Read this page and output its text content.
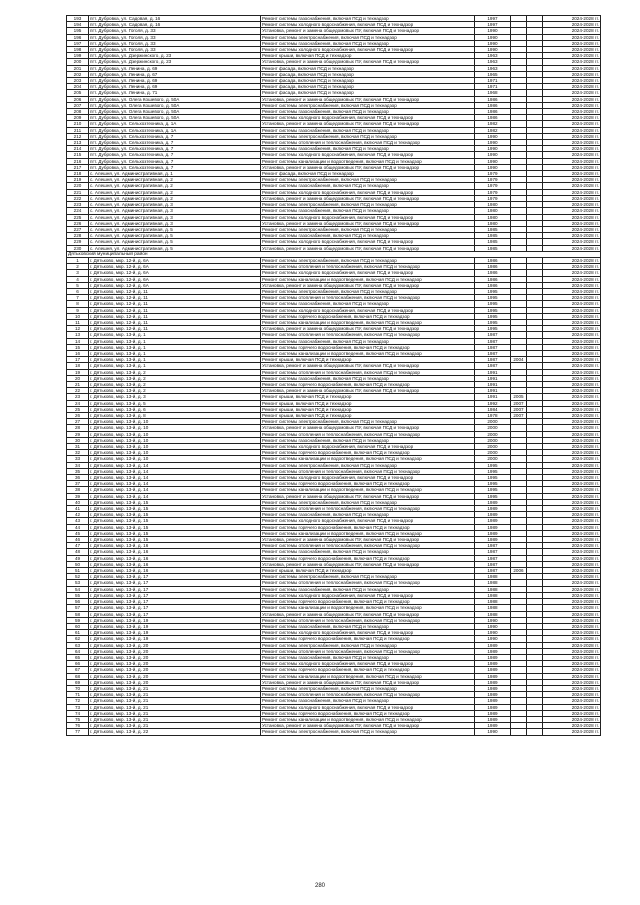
193	пгт. Дубровка, ул. Садовая, д. 16	Ремонт системы газоснабжения, включая ПСД и технадзор	1997			2024-2028 гг.
194	пгт. Дубровка, ул. Садовая, д. 16	Ремонт системы холодного водоснабжения, включая ПСД и технадзор	1997			2024-2028 гг.
195	пгт. Дубровка, ул. Гоголя, д. 33	Установка, ремонт и замена общедомовых ПУ, включая ПСД и технадзор	1990			2024-2028 гг.
196	пгт. Дубровка, ул. Гоголя, д. 33	Ремонт системы электроснабжения, включая ПСД и технадзор	1990			2024-2028 гг.
197	пгт. Дубровка, ул. Гоголя, д. 33	Ремонт системы газоснабжения, включая ПСД и технадзор	1990			2024-2028 гг.
198	пгт. Дубровка, ул. Гоголя, д. 33	Ремонт системы холодного водоснабжения, включая ПСД и технадзор	1990			2024-2028 гг.
199	пгт. Дубровка, ул. Дзержинского, д. 23	Ремонт крыши, включая ПСД и технадзор	1963			2024-2028 гг.
200	пгт. Дубровка, ул. Дзержинского, д. 23	Установка, ремонт и замена общедомовых ПУ, включая ПСД и технадзор	1963			2024-2028 гг.
201	пгт. Дубровка, ул. Ленина, д. 69	Ремонт фасада, включая ПСД и технадзор	1963			2024-2028 гг.
202	пгт. Дубровка, ул. Ленина, д. 67	Ремонт фасада, включая ПСД и технадзор	1965			2024-2028 гг.
203	пгт. Дубровка, ул. Ленина, д. 69	Ремонт фасада, включая ПСД и технадзор	1971			2024-2028 гг.
204	пгт. Дубровка, ул. Ленина, д. 69	Ремонт фасада, включая ПСД и технадзор	1971			2024-2028 гг.
205	пгт. Дубровка, ул. Ленина, д. 71	Ремонт фасада, включая ПСД и технадзор	1968			2024-2028 гг.
206	пгт. Дубровка, ул. Олега Кошевого, д. 50А	Установка, ремонт и замена общедомовых ПУ, включая ПСД и технадзор	1986			2024-2028 гг.
207	пгт. Дубровка, ул. Олега Кошевого, д. 50А	Ремонт системы электроснабжения, включая ПСД и технадзор	1986			2024-2028 гг.
208	пгт. Дубровка, ул. Олега Кошевого, д. 50А	Ремонт системы газоснабжения, включая ПСД и технадзор	1986			2024-2028 гг.
209	пгт. Дубровка, ул. Олега Кошевого, д. 50А	Ремонт системы холодного водоснабжения, включая ПСД и технадзор	1986			2024-2028 гг.
210	пгт. Дубровка, ул. Сельхозтехника, д. 1А	Установка, ремонт и замена общедомовых ПУ, включая ПСД и технадзор	1982			2024-2028 гг.
211	пгт. Дубровка, ул. Сельхозтехника, д. 1А	Ремонт системы газоснабжения, включая ПСД и технадзор	1982			2024-2028 гг.
212	пгт. Дубровка, ул. Сельхозтехника, д. 7	Ремонт системы электроснабжения, включая ПСД и технадзор	1990			2024-2028 гг.
213	пгт. Дубровка, ул. Сельхозтехника, д. 7	Ремонт системы отопления и теплоснабжения, включая ПСД и технадзор	1990			2024-2028 гг.
214	пгт. Дубровка, ул. Сельхозтехника, д. 7	Ремонт системы газоснабжения, включая ПСД и технадзор	1990			2024-2028 гг.
215	пгт. Дубровка, ул. Сельхозтехника, д. 7	Ремонт системы холодного водоснабжения, включая ПСД и технадзор	1990			2024-2028 гг.
216	пгт. Дубровка, ул. Сельхозтехника, д. 7	Ремонт системы канализации и водоотведения, включая ПСД и технадзор	1990			2024-2028 гг.
217	пгт. Дубровка, ул. Сельхозтехника, д. 7	Установка, ремонт и замена общедомовых ПУ, включая ПСД и технадзор	1990			2024-2028 гг.
218	с. Алешня, ул. Административная, д. 1	Ремонт фасада, включая ПСД и технадзор	1979			2024-2028 гг.
219	с. Алешня, ул. Административная, д. 2	Ремонт системы электроснабжения, включая ПСД и технадзор	1979			2024-2028 гг.
220	с. Алешня, ул. Административная, д. 2	Ремонт системы газоснабжения, включая ПСД и технадзор	1979			2024-2028 гг.
221	с. Алешня, ул. Административная, д. 2	Ремонт системы холодного водоснабжения, включая ПСД и технадзор	1979			2024-2028 гг.
222	с. Алешня, ул. Административная, д. 2	Установка, ремонт и замена общедомовых ПУ, включая ПСД и технадзор	1979			2024-2028 гг.
223	с. Алешня, ул. Административная, д. 3	Ремонт системы электроснабжения, включая ПСД и технадзор	1980			2024-2028 гг.
224	с. Алешня, ул. Административная, д. 3	Ремонт системы газоснабжения, включая ПСД и технадзор	1980			2024-2028 гг.
225	с. Алешня, ул. Административная, д. 3	Ремонт системы холодного водоснабжения, включая ПСД и технадзор	1980			2024-2028 гг.
226	с. Алешня, ул. Административная, д. 3	Установка, ремонт и замена общедомовых ПУ, включая ПСД и технадзор	1980			2024-2028 гг.
227	с. Алешня, ул. Административная, д. 5	Ремонт системы электроснабжения, включая ПСД и технадзор	1985			2024-2028 гг.
228	с. Алешня, ул. Административная, д. 5	Ремонт системы газоснабжения, включая ПСД и технадзор	1985			2024-2028 гг.
229	с. Алешня, ул. Административная, д. 5	Ремонт системы холодного водоснабжения, включая ПСД и технадзор	1985			2024-2028 гг.
230	с. Алешня, ул. Административная, д. 5	Установка, ремонт и замена общедомовых ПУ, включая ПСД и технадзор	1985			2024-2028 гг.
Дятьковский муниципальный район						
1	г. Дятьково, мкр. 12-й, д. 6А	Ремонт системы электроснабжения, включая ПСД и технадзор	1986			2024-2028 гг.
2	г. Дятьково, мкр. 12-й, д. 6А	Ремонт системы отопления и теплоснабжения, включая ПСД и технадзор	1986			2024-2028 гг.
3	г. Дятьково, мкр. 12-й, д. 6А	Ремонт системы холодного водоснабжения, включая ПСД и технадзор	1986			2024-2028 гг.
4	г. Дятьково, мкр. 12-й, д. 6А	Ремонт системы канализации и водоотведения, включая ПСД и технадзор	1986			2024-2028 гг.
5	г. Дятьково, мкр. 12-й, д. 6А	Установка, ремонт и замена общедомовых ПУ, включая ПСД и технадзор	1986			2024-2028 гг.
6	г. Дятьково, мкр. 12-й, д. 11	Ремонт системы электроснабжения, включая ПСД и технадзор	1995			2024-2028 гг.
7	г. Дятьково, мкр. 12-й, д. 11	Ремонт системы отопления и теплоснабжения, включая ПСД и технадзор	1995			2024-2028 гг.
8	г. Дятьково, мкр. 12-й, д. 11	Ремонт системы газоснабжения, включая ПСД и технадзор	1995			2024-2028 гг.
9	г. Дятьково, мкр. 12-й, д. 11	Ремонт системы холодного водоснабжения, включая ПСД и технадзор	1995			2024-2028 гг.
10	г. Дятьково, мкр. 12-й, д. 11	Ремонт системы горячего водоснабжения, включая ПСД и технадзор	1995			2024-2028 гг.
11	г. Дятьково, мкр. 12-й, д. 11	Ремонт системы канализации и водоотведения, включая ПСД и технадзор	1995			2024-2028 гг.
12	г. Дятьково, мкр. 12-й, д. 11	Установка, ремонт и замена общедомовых ПУ, включая ПСД и технадзор	1995			2024-2028 гг.
13	г. Дятьково, мкр. 13-й, д. 1	Ремонт системы отопления и теплоснабжения, включая ПСД и технадзор	1987			2024-2028 гг.
14	г. Дятьково, мкр. 13-й, д. 1	Ремонт системы газоснабжения, включая ПСД и технадзор	1987			2024-2028 гг.
15	г. Дятьково, мкр. 13-й, д. 1	Ремонт системы горячего водоснабжения, включая ПСД и технадзор	1987			2024-2028 гг.
16	г. Дятьково, мкр. 13-й, д. 1	Ремонт системы канализации и водоотведения, включая ПСД и технадзор	1987			2024-2028 гг.
17	г. Дятьково, мкр. 13-й, д. 1	Ремонт крыши, включая ПСД и технадзор	1987	2004		2024-2028 гг.
18	г. Дятьково, мкр. 13-й, д. 1	Установка, ремонт и замена общедомовых ПУ, включая ПСД и технадзор	1987			2024-2028 гг.
19	г. Дятьково, мкр. 13-й, д. 2	Ремонт системы отопления и теплоснабжения, включая ПСД и технадзор	1991			2024-2028 гг.
20	г. Дятьково, мкр. 13-й, д. 2	Ремонт системы газоснабжения, включая ПСД и технадзор	1991			2024-2028 гг.
21	г. Дятьково, мкр. 13-й, д. 2	Ремонт системы горячего водоснабжения, включая ПСД и технадзор	1991			2024-2028 гг.
22	г. Дятьково, мкр. 13-й, д. 2	Установка, ремонт и замена общедомовых ПУ, включая ПСД и технадзор	1991			2024-2028 гг.
23	г. Дятьково, мкр. 13-й, д. 3	Ремонт крыши, включая ПСД и технадзор	1991	2005		2024-2028 гг.
24	г. Дятьково, мкр. 13-й, д. 5	Ремонт крыши, включая ПСД и технадзор	1992	2007		2024-2028 гг.
25	г. Дятьково, мкр. 13-й, д. 6	Ремонт крыши, включая ПСД и технадзор	1984	2007		2024-2028 гг.
26	г. Дятьково, мкр. 13-й, д. 8	Ремонт крыши, включая ПСД и технадзор	1978	2007		2024-2028 гг.
27	г. Дятьково, мкр. 13-й, д. 10	Ремонт системы электроснабжения, включая ПСД и технадзор	2000			2024-2028 гг.
28	г. Дятьково, мкр. 13-й, д. 10	Установка, ремонт и замена общедомовых ПУ, включая ПСД и технадзор	2000			2024-2028 гг.
29	г. Дятьково, мкр. 13-й, д. 10	Ремонт системы отопления и теплоснабжения, включая ПСД и технадзор	2000			2024-2028 гг.
30	г. Дятьково, мкр. 13-й, д. 10	Ремонт системы газоснабжения, включая ПСД и технадзор	2000			2024-2028 гг.
31	г. Дятьково, мкр. 13-й, д. 10	Ремонт системы холодного водоснабжения, включая ПСД и технадзор	2000			2024-2028 гг.
32	г. Дятьково, мкр. 13-й, д. 10	Ремонт системы горячего водоснабжения, включая ПСД и технадзор	2000			2024-2028 гг.
33	г. Дятьково, мкр. 13-й, д. 10	Ремонт системы канализации и водоотведения, включая ПСД и технадзор	2000			2024-2028 гг.
34	г. Дятьково, мкр. 13-й, д. 14	Ремонт системы электроснабжения, включая ПСД и технадзор	1995			2024-2028 гг.
35	г. Дятьково, мкр. 13-й, д. 14	Ремонт системы отопления и теплоснабжения, включая ПСД и технадзор	1995			2024-2028 гг.
36	г. Дятьково, мкр. 13-й, д. 14	Ремонт системы холодного водоснабжения, включая ПСД и технадзор	1995			2024-2028 гг.
37	г. Дятьково, мкр. 13-й, д. 14	Ремонт системы горячего водоснабжения, включая ПСД и технадзор	1995			2024-2028 гг.
38	г. Дятьково, мкр. 13-й, д. 14	Ремонт системы канализации и водоотведения, включая ПСД и технадзор	1995			2024-2028 гг.
39	г. Дятьково, мкр. 13-й, д. 14	Установка, ремонт и замена общедомовых ПУ, включая ПСД и технадзор	1995			2024-2028 гг.
40	г. Дятьково, мкр. 13-й, д. 15	Ремонт системы электроснабжения, включая ПСД и технадзор	1989			2024-2028 гг.
41	г. Дятьково, мкр. 13-й, д. 15	Ремонт системы отопления и теплоснабжения, включая ПСД и технадзор	1989			2024-2028 гг.
42	г. Дятьково, мкр. 13-й, д. 15	Ремонт системы газоснабжения, включая ПСД и технадзор	1989			2024-2028 гг.
43	г. Дятьково, мкр. 13-й, д. 15	Ремонт системы холодного водоснабжения, включая ПСД и технадзор	1989			2024-2028 гг.
44	г. Дятьково, мкр. 13-й, д. 15	Ремонт системы горячего водоснабжения, включая ПСД и технадзор	1989			2024-2028 гг.
45	г. Дятьково, мкр. 13-й, д. 15	Ремонт системы канализации и водоотведения, включая ПСД и технадзор	1989			2024-2028 гг.
46	г. Дятьково, мкр. 13-й, д. 15	Установка, ремонт и замена общедомовых ПУ, включая ПСД и технадзор	1989			2024-2028 гг.
47	г. Дятьково, мкр. 13-й, д. 16	Ремонт системы отопления и теплоснабжения, включая ПСД и технадзор	1987			2024-2028 гг.
48	г. Дятьково, мкр. 13-й, д. 16	Ремонт системы газоснабжения, включая ПСД и технадзор	1987			2024-2028 гг.
49	г. Дятьково, мкр. 13-й, д. 16	Ремонт системы горячего водоснабжения, включая ПСД и технадзор	1987			2024-2028 гг.
50	г. Дятьково, мкр. 13-й, д. 16	Установка, ремонт и замена общедомовых ПУ, включая ПСД и технадзор	1987			2024-2028 гг.
51	г. Дятьково, мкр. 13-й, д. 16	Ремонт крыши, включая ПСД и технадзор	1987	2006		2024-2028 гг.
52	г. Дятьково, мкр. 13-й, д. 17	Ремонт системы электроснабжения, включая ПСД и технадзор	1988			2024-2028 гг.
53	г. Дятьково, мкр. 13-й, д. 17	Ремонт системы отопления и теплоснабжения, включая ПСД и технадзор	1988			2024-2028 гг.
54	г. Дятьково, мкр. 13-й, д. 17	Ремонт системы газоснабжения, включая ПСД и технадзор	1988			2024-2028 гг.
55	г. Дятьково, мкр. 13-й, д. 17	Ремонт системы холодного водоснабжения, включая ПСД и технадзор	1988			2024-2028 гг.
56	г. Дятьково, мкр. 13-й, д. 17	Ремонт системы горячего водоснабжения, включая ПСД и технадзор	1988			2024-2028 гг.
57	г. Дятьково, мкр. 13-й, д. 17	Ремонт системы канализации и водоотведения, включая ПСД и технадзор	1988			2024-2028 гг.
58	г. Дятьково, мкр. 13-й, д. 17	Установка, ремонт и замена общедомовых ПУ, включая ПСД и технадзор	1988			2024-2028 гг.
59	г. Дятьково, мкр. 13-й, д. 19	Ремонт системы отопления и теплоснабжения, включая ПСД и технадзор	1990			2024-2028 гг.
60	г. Дятьково, мкр. 13-й, д. 19	Ремонт системы газоснабжения, включая ПСД и технадзор	1990			2024-2028 гг.
61	г. Дятьково, мкр. 13-й, д. 19	Ремонт системы холодного водоснабжения, включая ПСД и технадзор	1990			2024-2028 гг.
62	г. Дятьково, мкр. 13-й, д. 19	Ремонт системы горячего водоснабжения, включая ПСД и технадзор	1990			2024-2028 гг.
63	г. Дятьково, мкр. 13-й, д. 20	Ремонт системы электроснабжения, включая ПСД и технадзор	1989			2024-2028 гг.
64	г. Дятьково, мкр. 13-й, д. 20	Ремонт системы отопления и теплоснабжения, включая ПСД и технадзор	1989			2024-2028 гг.
65	г. Дятьково, мкр. 13-й, д. 20	Ремонт системы газоснабжения, включая ПСД и технадзор	1989			2024-2028 гг.
66	г. Дятьково, мкр. 13-й, д. 20	Ремонт системы холодного водоснабжения, включая ПСД и технадзор	1989			2024-2028 гг.
67	г. Дятьково, мкр. 13-й, д. 20	Ремонт системы горячего водоснабжения, включая ПСД и технадзор	1989			2024-2028 гг.
68	г. Дятьково, мкр. 13-й, д. 20	Ремонт системы канализации и водоотведения, включая ПСД и технадзор	1989			2024-2028 гг.
69	г. Дятьково, мкр. 13-й, д. 20	Установка, ремонт и замена общедомовых ПУ, включая ПСД и технадзор	1989			2024-2028 гг.
70	г. Дятьково, мкр. 13-й, д. 21	Ремонт системы электроснабжения, включая ПСД и технадзор	1989			2024-2028 гг.
71	г. Дятьково, мкр. 13-й, д. 21	Ремонт системы отопления и теплоснабжения, включая ПСД и технадзор	1989			2024-2028 гг.
72	г. Дятьково, мкр. 13-й, д. 21	Ремонт системы газоснабжения, включая ПСД и технадзор	1989			2024-2028 гг.
73	г. Дятьково, мкр. 13-й, д. 21	Ремонт системы холодного водоснабжения, включая ПСД и технадзор	1989			2024-2028 гг.
74	г. Дятьково, мкр. 13-й, д. 21	Ремонт системы горячего водоснабжения, включая ПСД и технадзор	1989			2024-2028 гг.
75	г. Дятьково, мкр. 13-й, д. 21	Ремонт системы канализации и водоотведения, включая ПСД и технадзор	1989			2024-2028 гг.
76	г. Дятьково, мкр. 13-й, д. 21	Установка, ремонт и замена общедомовых ПУ, включая ПСД и технадзор	1989			2024-2028 гг.
77	г. Дятьково, мкр. 13-й, д. 22	Ремонт системы электроснабжения, включая ПСД и технадзор	1990			2024-2028 гг.
280
